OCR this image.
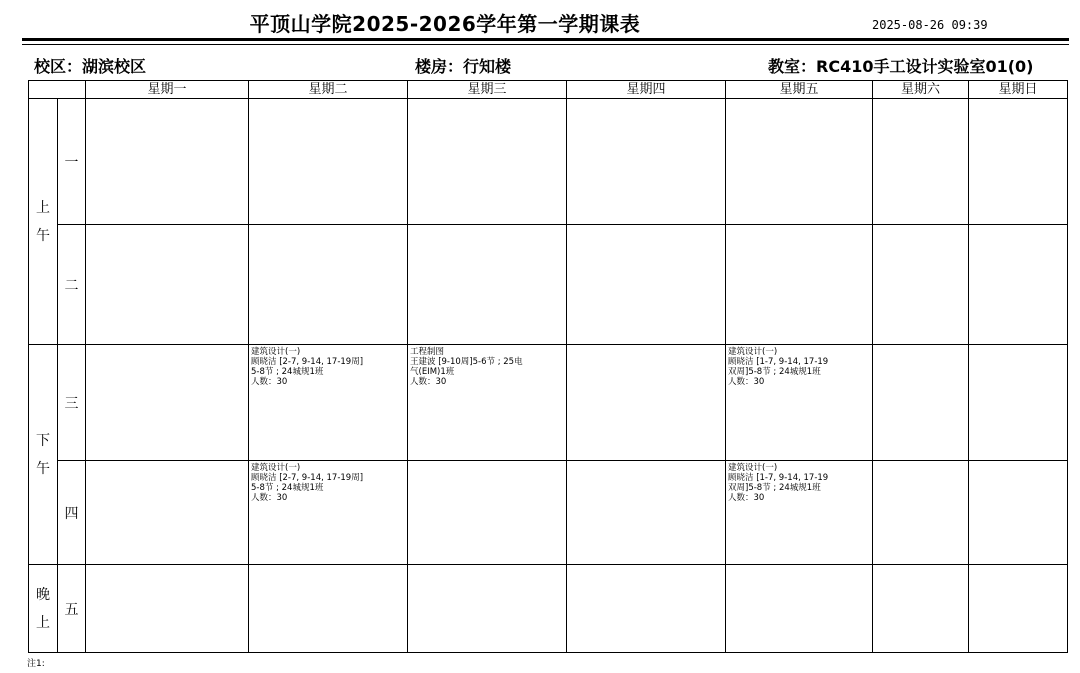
平顶山学院2025-2026学年第一学期课表	2025-08-26 09:39
校区：湖滨校区	楼房：行知楼	教室：RC410手工设计实验室01(0)
		星期一	星期二	星期三	星期四	星期五	星期六	星期日

上
午	一							
	二							

下
午	三		建筑设计(一)
顾晓洁 [2-7, 9-14, 17-19周]
5-8节 ; 24城规1班
人数：30	工程制图
王建波 [9-10周]5-6节 ; 25电
气(EIM)1班
人数：30		建筑设计(一)
顾晓洁 [1-7, 9-14, 17-19
双周]5-8节 ; 24城规1班
人数：30		

	四		建筑设计(一)
顾晓洁 [2-7, 9-14, 17-19周]
5-8节 ; 24城规1班
人数：30			建筑设计(一)
顾晓洁 [1-7, 9-14, 17-19
双周]5-8节 ; 24城规1班
人数：30		

晚
上	五							
注1:
